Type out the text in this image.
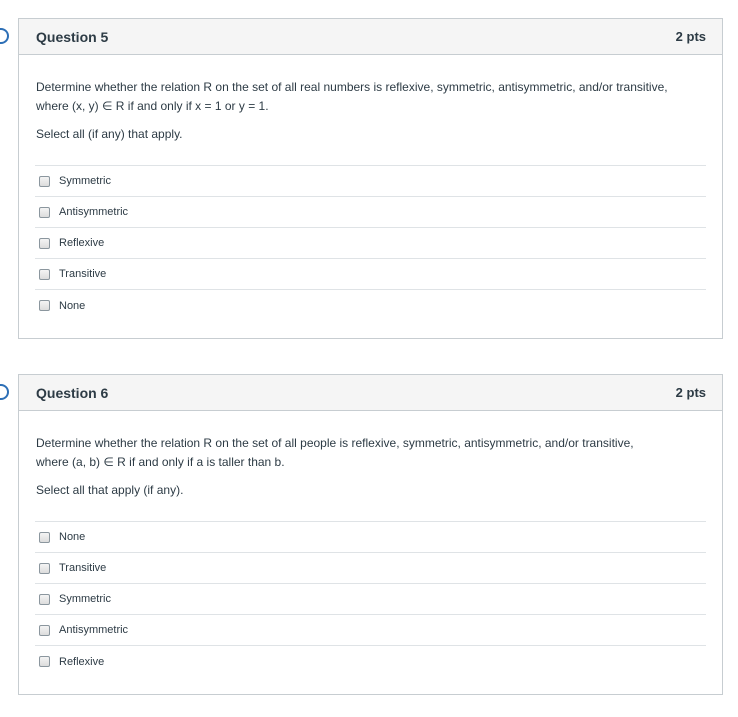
Question 5	2 pts

Determine whether the relation R on the set of all real numbers is reflexive, symmetric, antisymmetric, and/or transitive,

where (x, y) ∈ R if and only if x = 1 or y = 1.

Select all (if any) that apply.

Symmetric
Antisymmetric
Reflexive
Transitive
None
Question 6	2 pts

Determine whether the relation R on the set of all people is reflexive, symmetric, antisymmetric, and/or transitive,

where (a, b) ∈ R if and only if a is taller than b.

Select all that apply (if any).

None
Transitive
Symmetric
Antisymmetric
Reflexive
